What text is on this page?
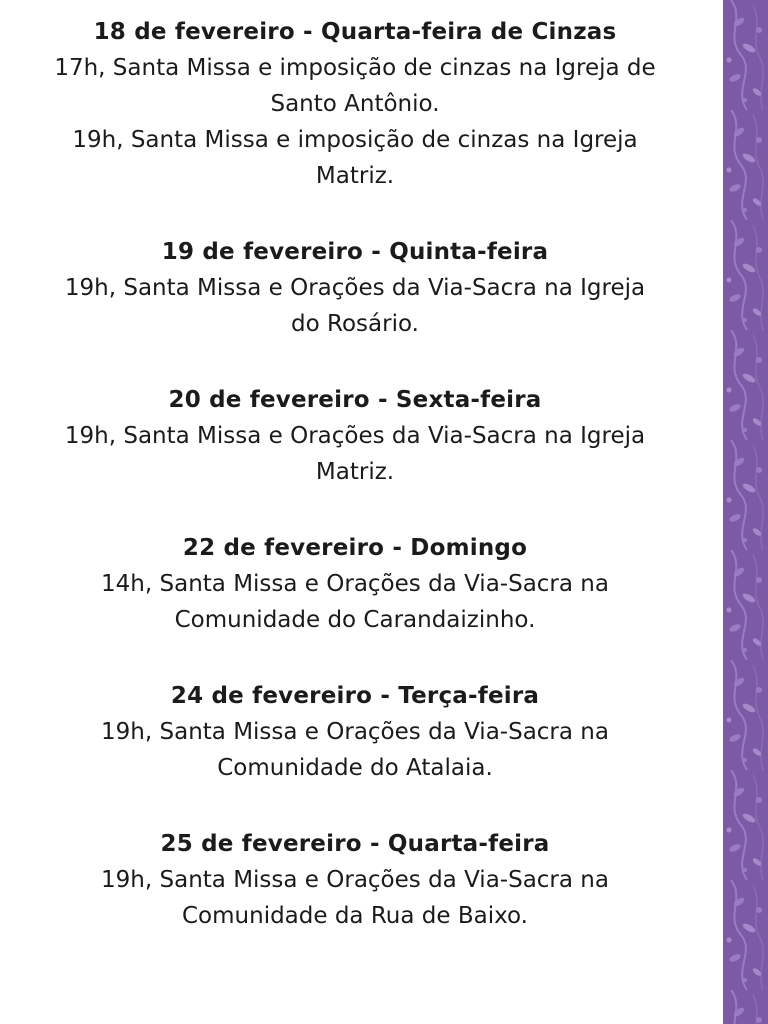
18 de fevereiro - Quarta-feira de Cinzas
17h, Santa Missa e imposição de cinzas na Igreja de
Santo Antônio.
19h, Santa Missa e imposição de cinzas na Igreja
Matriz.
19 de fevereiro - Quinta-feira
19h, Santa Missa e Orações da Via-Sacra na Igreja
do Rosário.
20 de fevereiro - Sexta-feira
19h, Santa Missa e Orações da Via-Sacra na Igreja
Matriz.
22 de fevereiro - Domingo
14h, Santa Missa e Orações da Via-Sacra na
Comunidade do Carandaizinho.
24 de fevereiro - Terça-feira
19h, Santa Missa e Orações da Via-Sacra na
Comunidade do Atalaia.
25 de fevereiro - Quarta-feira
19h, Santa Missa e Orações da Via-Sacra na
Comunidade da Rua de Baixo.
